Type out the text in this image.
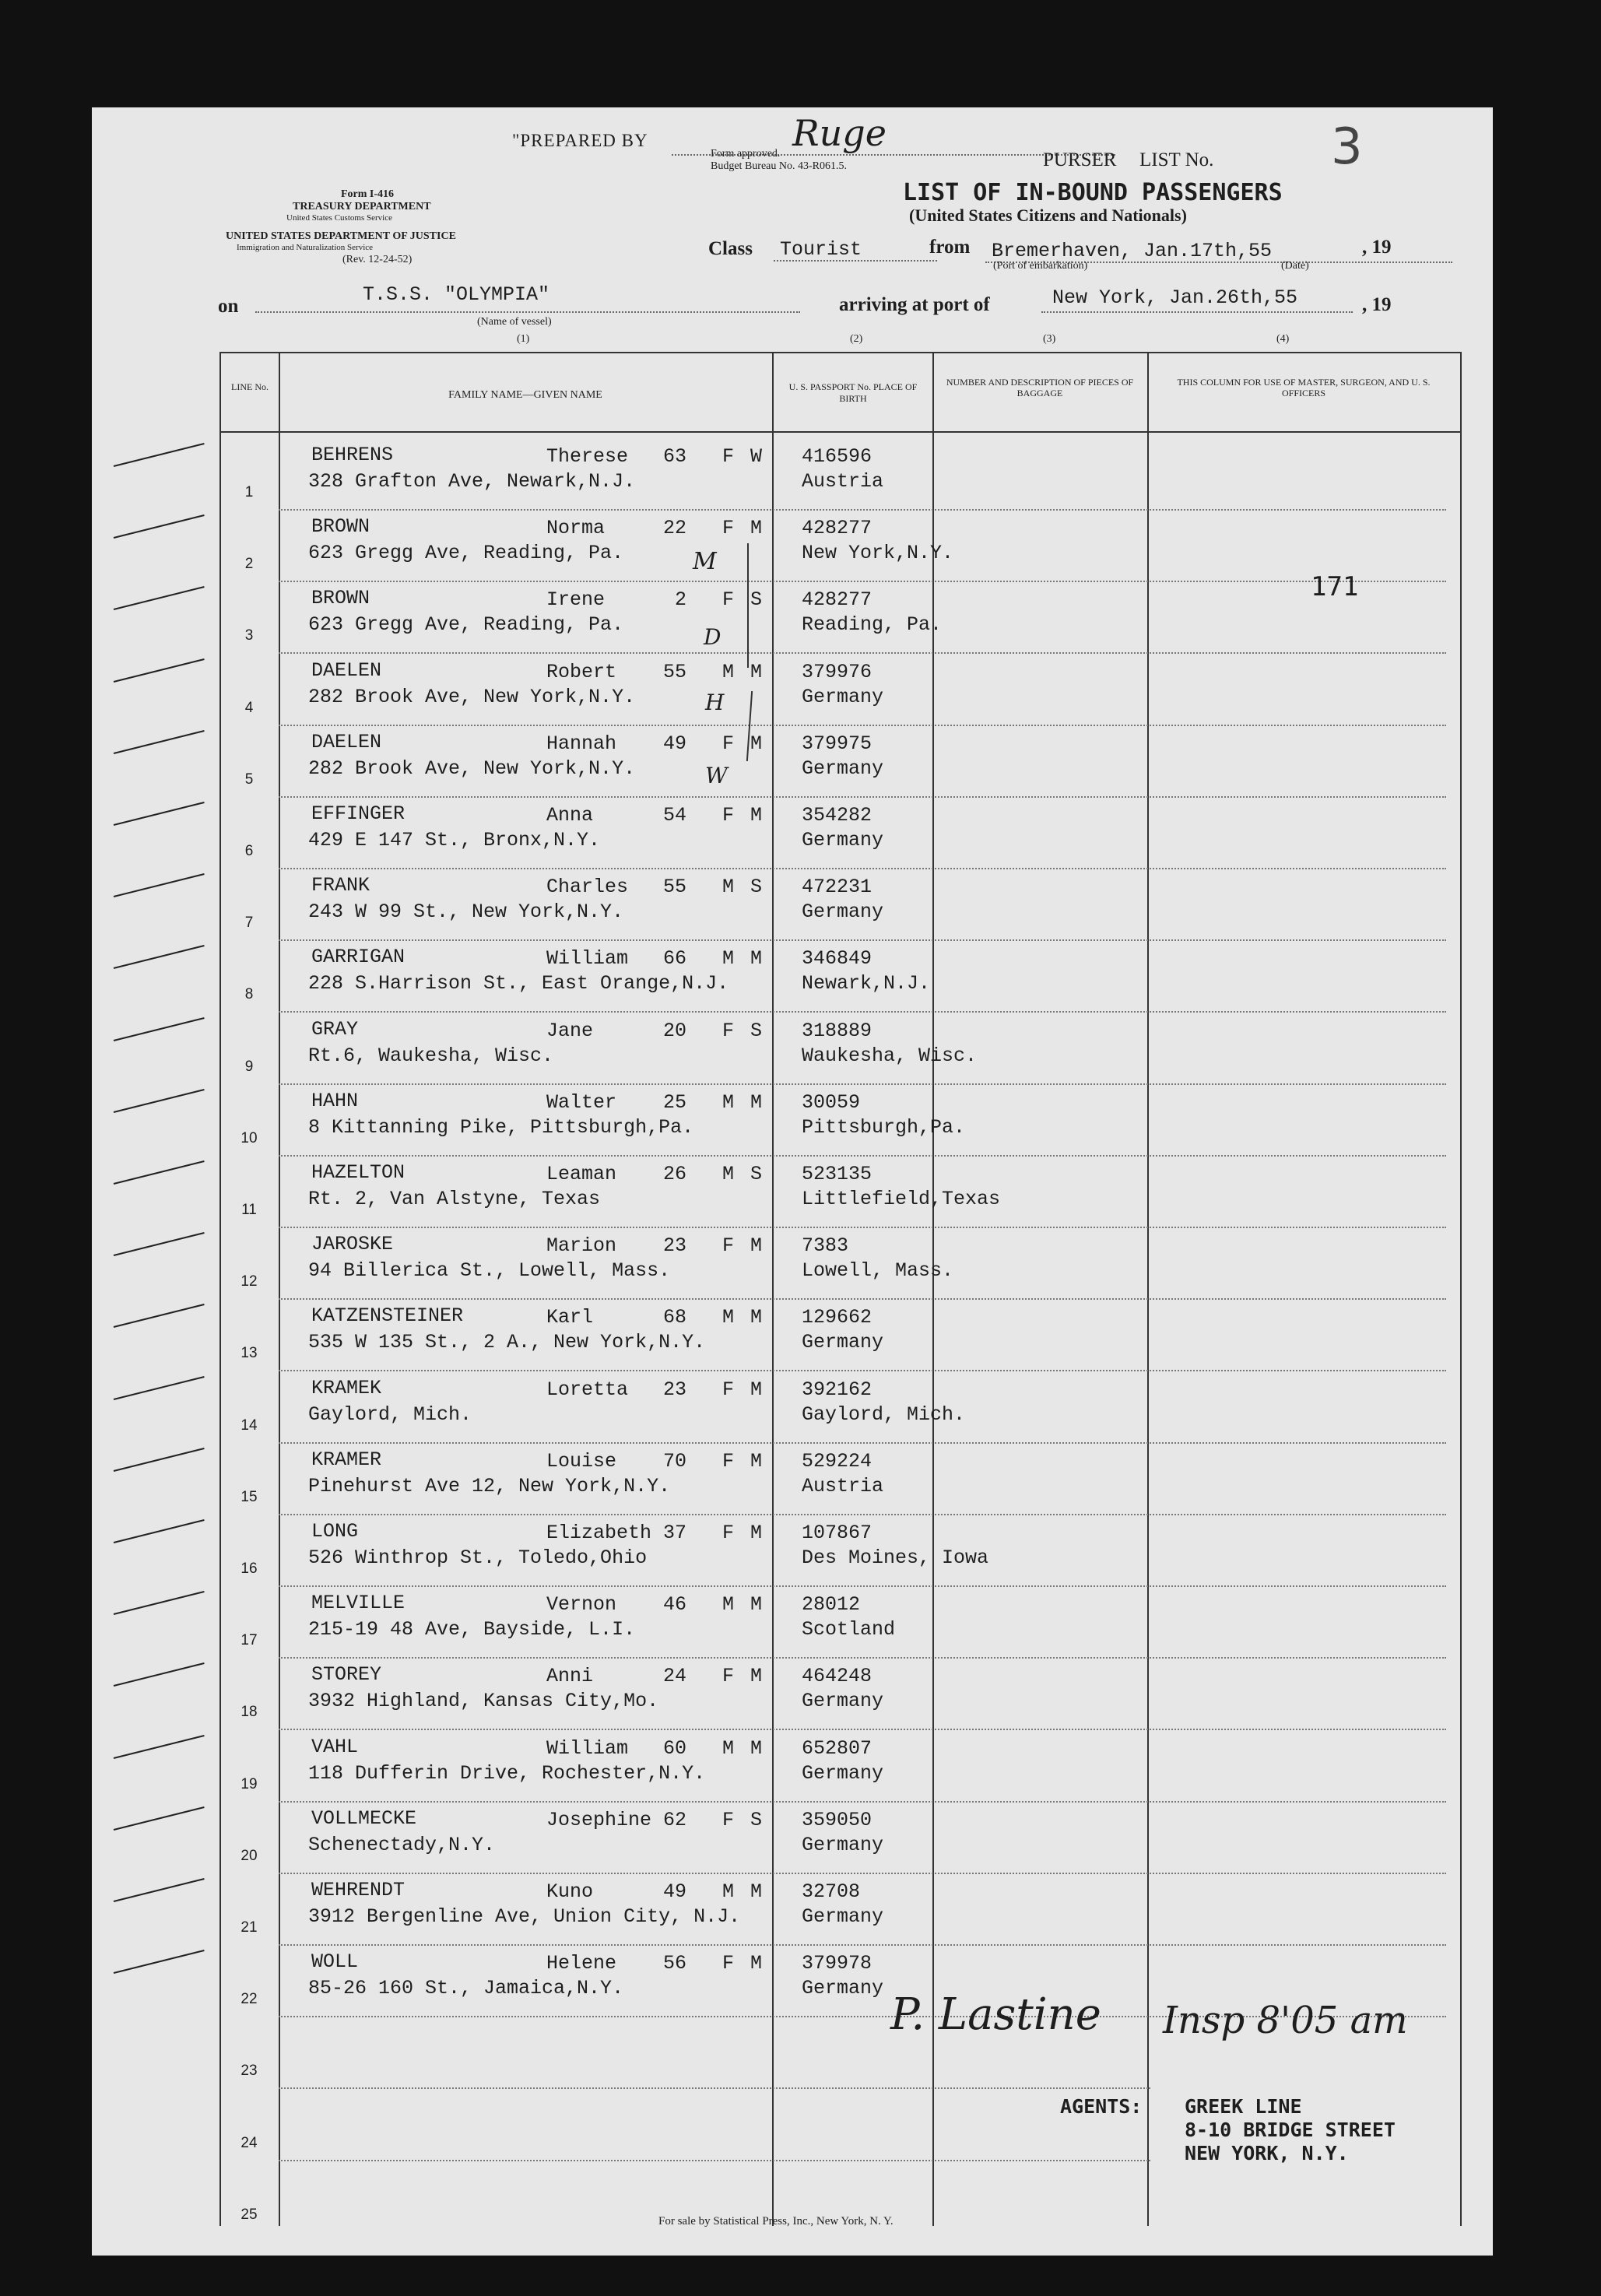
"PREPARED BY	Ruge
Form approved.
Budget Bureau No. 43-R061.5.	PURSER LIST No. 3
Form I-416
TREASURY DEPARTMENT
United States Customs Service
UNITED STATES DEPARTMENT OF JUSTICE
Immigration and Naturalization Service
(Rev. 12-24-52)
LIST OF IN-BOUND PASSENGERS
(United States Citizens and Nationals)
Class Tourist	from Bremerhaven, Jan.17th,55
(Port of embarkation)	(Date)
, 19
on
T.S.S. "OLYMPIA"
(Name of vessel)
arriving at port of	New York, Jan.26th,55	, 19
(1)	(2)	(3)	(4)
LINE No.
FAMILY NAME—GIVEN NAME
U. S. PASSPORT No. PLACE OF BIRTH
NUMBER AND DESCRIPTION OF PIECES OF BAGGAGE
THIS COLUMN FOR USE OF MASTER, SURGEON, AND U. S. OFFICERS
1
BEHRENS	Therese	63 F W
328 Grafton Ave, Newark,N.J.
416596
Austria
2
BROWN	Norma	22 F M
623 Gregg Ave, Reading, Pa.
428277
New York,N.Y.
3
BROWN	Irene	2 F S
623 Gregg Ave, Reading, Pa.
428277
Reading, Pa.
4
DAELEN	Robert	55 M M
282 Brook Ave, New York,N.Y.
379976
Germany
5
DAELEN	Hannah	49 F M
282 Brook Ave, New York,N.Y.
379975
Germany
6
EFFINGER	Anna	54 F M
429 E 147 St., Bronx,N.Y.
354282
Germany
7
FRANK	Charles	55 M S
243 W 99 St., New York,N.Y.
472231
Germany
8
GARRIGAN	William	66 M M
228 S.Harrison St., East Orange,N.J.
346849
Newark,N.J.
9
GRAY	Jane	20 F S
Rt.6, Waukesha, Wisc.
318889
Waukesha, Wisc.
10
HAHN	Walter	25 M M
8 Kittanning Pike, Pittsburgh,Pa.
30059
Pittsburgh,Pa.
11
HAZELTON	Leaman	26 M S
Rt. 2, Van Alstyne, Texas
523135
Littlefield,Texas
12
JAROSKE	Marion	23 F M
94 Billerica St., Lowell, Mass.
7383
Lowell, Mass.
13
KATZENSTEINER	Karl	68 M M
535 W 135 St., 2 A., New York,N.Y.
129662
Germany
14
KRAMEK	Loretta	23 F M
Gaylord, Mich.
392162
Gaylord, Mich.
15
KRAMER	Louise	70 F M
Pinehurst Ave 12, New York,N.Y.
529224
Austria
16
LONG	Elizabeth 37 F M
526 Winthrop St., Toledo,Ohio
107867
Des Moines, Iowa
17
MELVILLE	Vernon	46 M M
215-19 48 Ave, Bayside, L.I.
28012
Scotland
18
STOREY	Anni	24 F M
3932 Highland, Kansas City,Mo.
464248
Germany
19
VAHL	William	60 M M
118 Dufferin Drive, Rochester,N.Y.
652807
Germany
20
VOLLMECKE	Josephine 62 F S
Schenectady,N.Y.
359050
Germany
21
WEHRENDT	Kuno	49 M M
3912 Bergenline Ave, Union City, N.J.
32708
Germany
22
WOLL	Helene	56 F M
85-26 160 St., Jamaica,N.Y.
379978
Germany
23
24
25
171
M
D
H
W
P. Lastine Insp 8'05 am
AGENTS: GREEK LINE
8-10 BRIDGE STREET
NEW YORK, N.Y.
For sale by Statistical Press, Inc., New York, N. Y.
